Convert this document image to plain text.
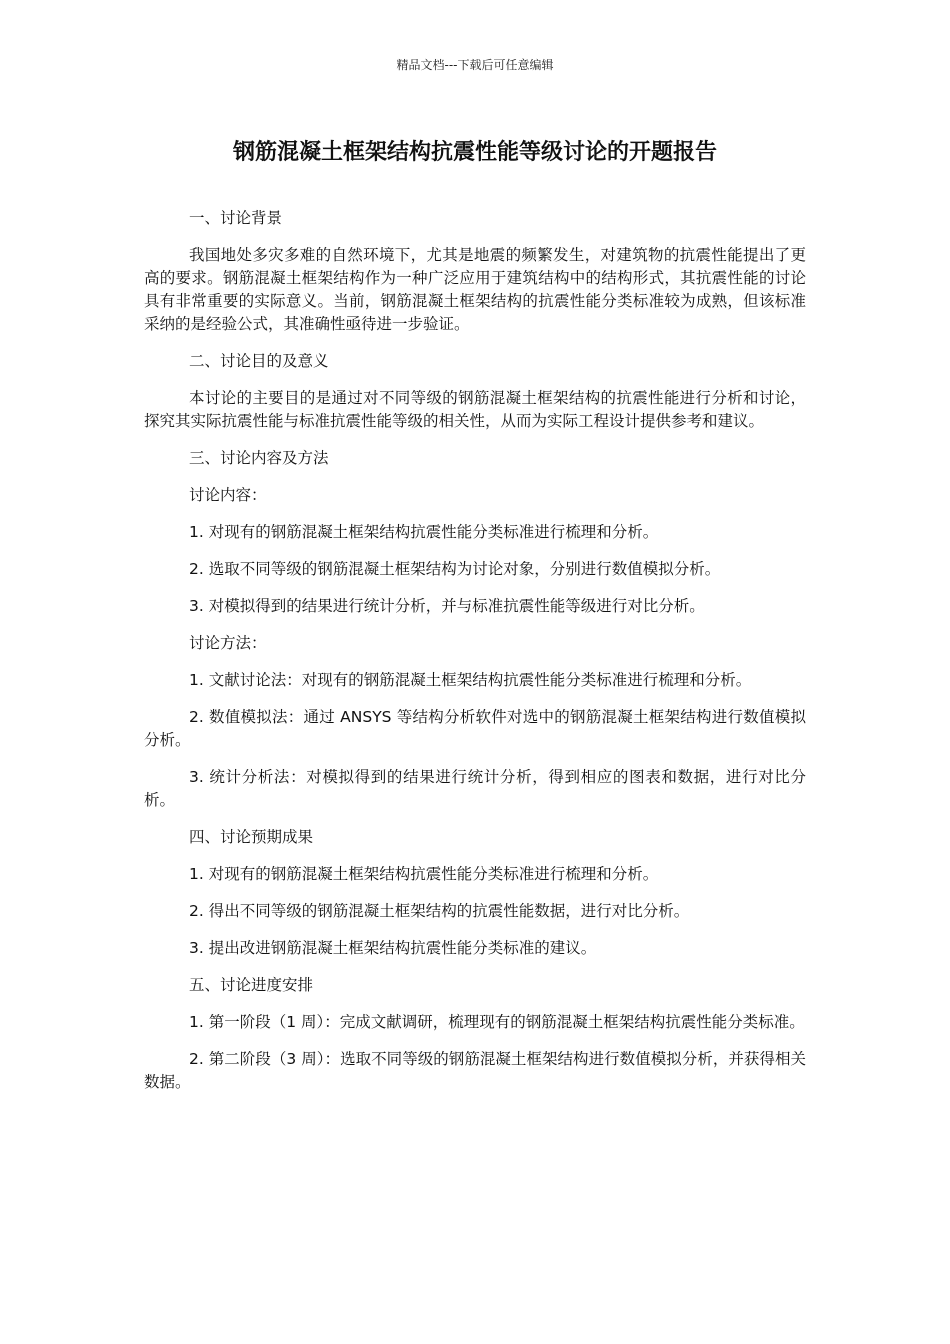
精品文档---下载后可任意编辑
钢筋混凝土框架结构抗震性能等级讨论的开题报告

一、讨论背景

我国地处多灾多难的自然环境下，尤其是地震的频繁发生，对建筑物的抗震性能提出了更高的要求。钢筋混凝土框架结构作为一种广泛应用于建筑结构中的结构形式，其抗震性能的讨论具有非常重要的实际意义。当前，钢筋混凝土框架结构的抗震性能分类标准较为成熟，但该标准采纳的是经验公式，其准确性亟待进一步验证。

二、讨论目的及意义

本讨论的主要目的是通过对不同等级的钢筋混凝土框架结构的抗震性能进行分析和讨论，探究其实际抗震性能与标准抗震性能等级的相关性，从而为实际工程设计提供参考和建议。

三、讨论内容及方法

讨论内容：

1. 对现有的钢筋混凝土框架结构抗震性能分类标准进行梳理和分析。

2. 选取不同等级的钢筋混凝土框架结构为讨论对象，分别进行数值模拟分析。

3. 对模拟得到的结果进行统计分析，并与标准抗震性能等级进行对比分析。

讨论方法：

1. 文献讨论法：对现有的钢筋混凝土框架结构抗震性能分类标准进行梳理和分析。

2. 数值模拟法：通过 ANSYS 等结构分析软件对选中的钢筋混凝土框架结构进行数值模拟分析。

3. 统计分析法：对模拟得到的结果进行统计分析，得到相应的图表和数据，进行对比分析。

四、讨论预期成果

1. 对现有的钢筋混凝土框架结构抗震性能分类标准进行梳理和分析。

2. 得出不同等级的钢筋混凝土框架结构的抗震性能数据，进行对比分析。

3. 提出改进钢筋混凝土框架结构抗震性能分类标准的建议。

五、讨论进度安排

1. 第一阶段（1 周）：完成文献调研，梳理现有的钢筋混凝土框架结构抗震性能分类标准。

2. 第二阶段（3 周）：选取不同等级的钢筋混凝土框架结构进行数值模拟分析，并获得相关数据。
